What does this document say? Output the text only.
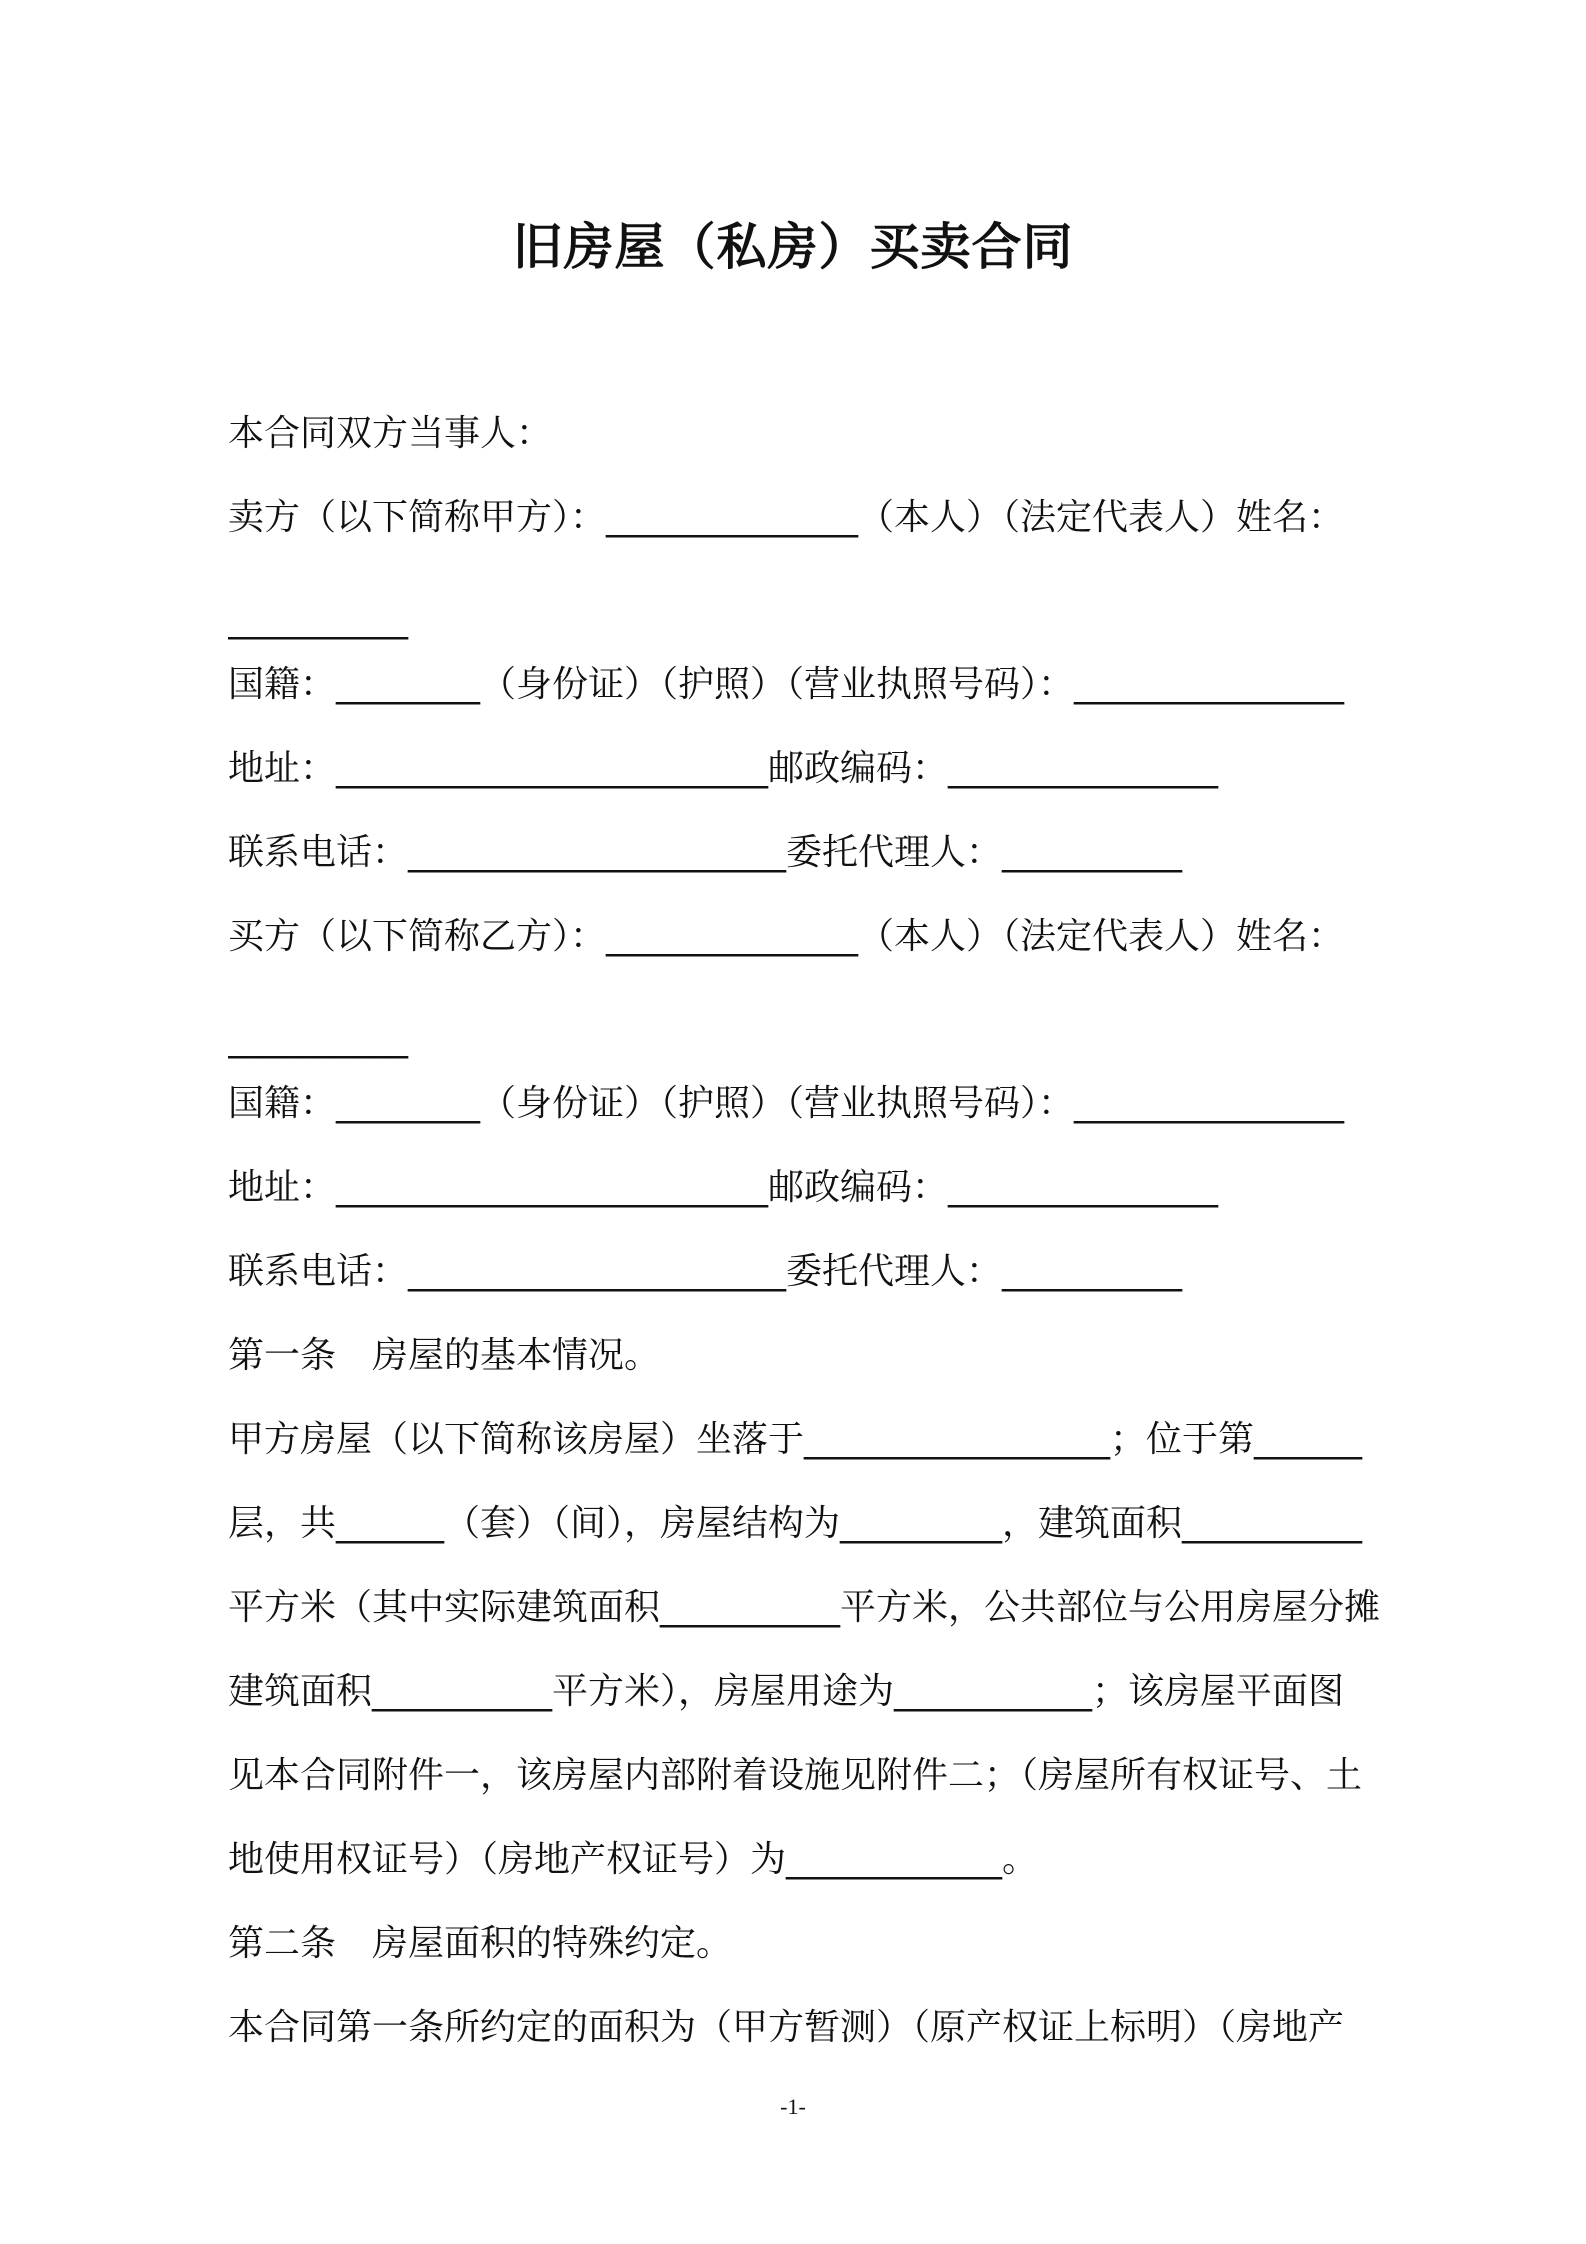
旧房屋（私房）买卖合同
本合同双方当事人：
卖方（以下简称甲方）：______________（本人）（法定代表人）姓名：
__________
国籍：________（身份证）（护照）（营业执照号码）：_______________
地址：________________________邮政编码：_______________
联系电话：_____________________委托代理人：__________
买方（以下简称乙方）：______________（本人）（法定代表人）姓名：
__________
国籍：________（身份证）（护照）（营业执照号码）：_______________
地址：________________________邮政编码：_______________
联系电话：_____________________委托代理人：__________
第一条　房屋的基本情况。
甲方房屋（以下简称该房屋）坐落于_________________；位于第______
层，共______（套）（间），房屋结构为_________，建筑面积__________
平方米（其中实际建筑面积__________平方米，公共部位与公用房屋分摊
建筑面积__________平方米），房屋用途为___________；该房屋平面图
见本合同附件一，该房屋内部附着设施见附件二；（房屋所有权证号、土
地使用权证号）（房地产权证号）为____________。
第二条　房屋面积的特殊约定。
本合同第一条所约定的面积为（甲方暂测）（原产权证上标明）（房地产
-1-
